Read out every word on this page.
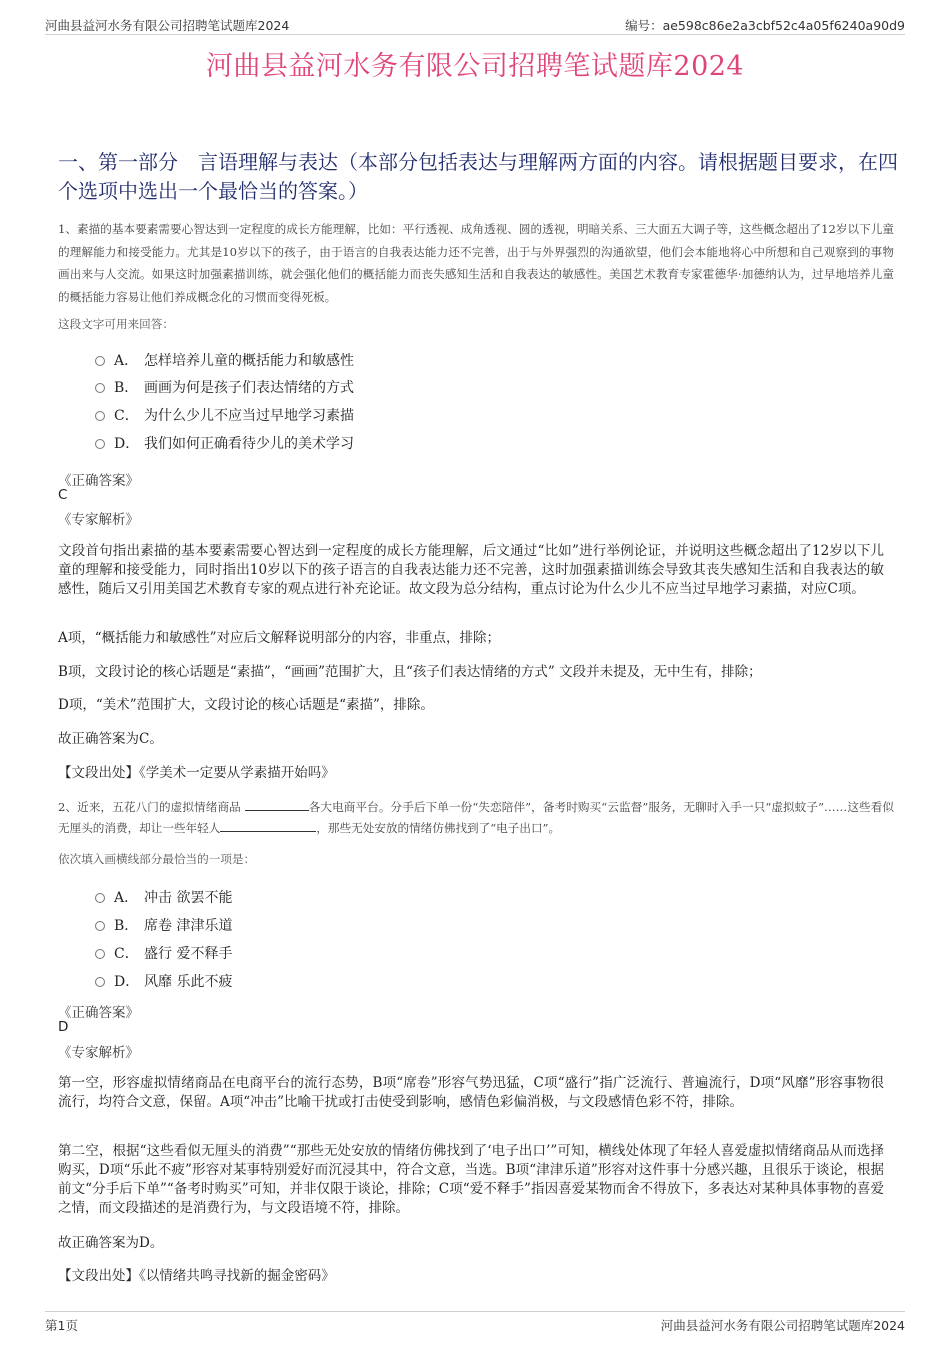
河曲县益河水务有限公司招聘笔试题库2024	编号：ae598c86e2a3cbf52c4a05f6240a90d9
河曲县益河水务有限公司招聘笔试题库2024
一、第一部分　言语理解与表达（本部分包括表达与理解两方面的内容。请根据题目要求，在四个选项中选出一个最恰当的答案。）
1、素描的基本要素需要心智达到一定程度的成长方能理解，比如：平行透视、成角透视、圆的透视，明暗关系、三大面五大调子等，这些概念超出了12岁以下儿童的理解能力和接受能力。尤其是10岁以下的孩子，由于语言的自我表达能力还不完善，出于与外界强烈的沟通欲望，他们会本能地将心中所想和自己观察到的事物画出来与人交流。如果这时加强素描训练，就会强化他们的概括能力而丧失感知生活和自我表达的敏感性。美国艺术教育专家霍德华·加德纳认为，过早地培养儿童的概括能力容易让他们养成概念化的习惯而变得死板。
这段文字可用来回答：
A． 怎样培养儿童的概括能力和敏感性
B． 画画为何是孩子们表达情绪的方式
C． 为什么少儿不应当过早地学习素描
D． 我们如何正确看待少儿的美术学习
《正确答案》
C
《专家解析》
文段首句指出素描的基本要素需要心智达到一定程度的成长方能理解，后文通过“比如”进行举例论证，并说明这些概念超出了12岁以下儿童的理解和接受能力，同时指出10岁以下的孩子语言的自我表达能力还不完善，这时加强素描训练会导致其丧失感知生活和自我表达的敏感性，随后又引用美国艺术教育专家的观点进行补充论证。故文段为总分结构，重点讨论为什么少儿不应当过早地学习素描，对应C项。
A项，“概括能力和敏感性”对应后文解释说明部分的内容，非重点，排除；
B项，文段讨论的核心话题是“素描”，“画画”范围扩大，且“孩子们表达情绪的方式” 文段并未提及，无中生有，排除；
D项，“美术”范围扩大，文段讨论的核心话题是“素描”，排除。
故正确答案为C。
【文段出处】《学美术一定要从学素描开始吗》
2、近来，五花八门的虚拟情绪商品	各大电商平台。分手后下单一份“失恋陪伴”，备考时购买“云监督”服务，无聊时入手一只“虚拟蚊子”……这些看似无厘头的消费，却让一些年轻人	，那些无处安放的情绪仿佛找到了“电子出口”。
依次填入画横线部分最恰当的一项是：
A． 冲击 欲罢不能
B． 席卷 津津乐道
C． 盛行 爱不释手
D． 风靡 乐此不疲
《正确答案》
D
《专家解析》
第一空，形容虚拟情绪商品在电商平台的流行态势，B项“席卷”形容气势迅猛，C项“盛行”指广泛流行、普遍流行，D项“风靡”形容事物很流行，均符合文意，保留。A项“冲击”比喻干扰或打击使受到影响，感情色彩偏消极，与文段感情色彩不符，排除。
第二空，根据“这些看似无厘头的消费”“那些无处安放的情绪仿佛找到了‘电子出口’”可知，横线处体现了年轻人喜爱虚拟情绪商品从而选择购买，D项“乐此不疲”形容对某事特别爱好而沉浸其中，符合文意，当选。B项“津津乐道”形容对这件事十分感兴趣，且很乐于谈论，根据前文“分手后下单”“备考时购买”可知，并非仅限于谈论，排除；C项“爱不释手”指因喜爱某物而舍不得放下，多表达对某种具体事物的喜爱之情，而文段描述的是消费行为，与文段语境不符，排除。
故正确答案为D。
【文段出处】《以情绪共鸣寻找新的掘金密码》
第1页	河曲县益河水务有限公司招聘笔试题库2024
